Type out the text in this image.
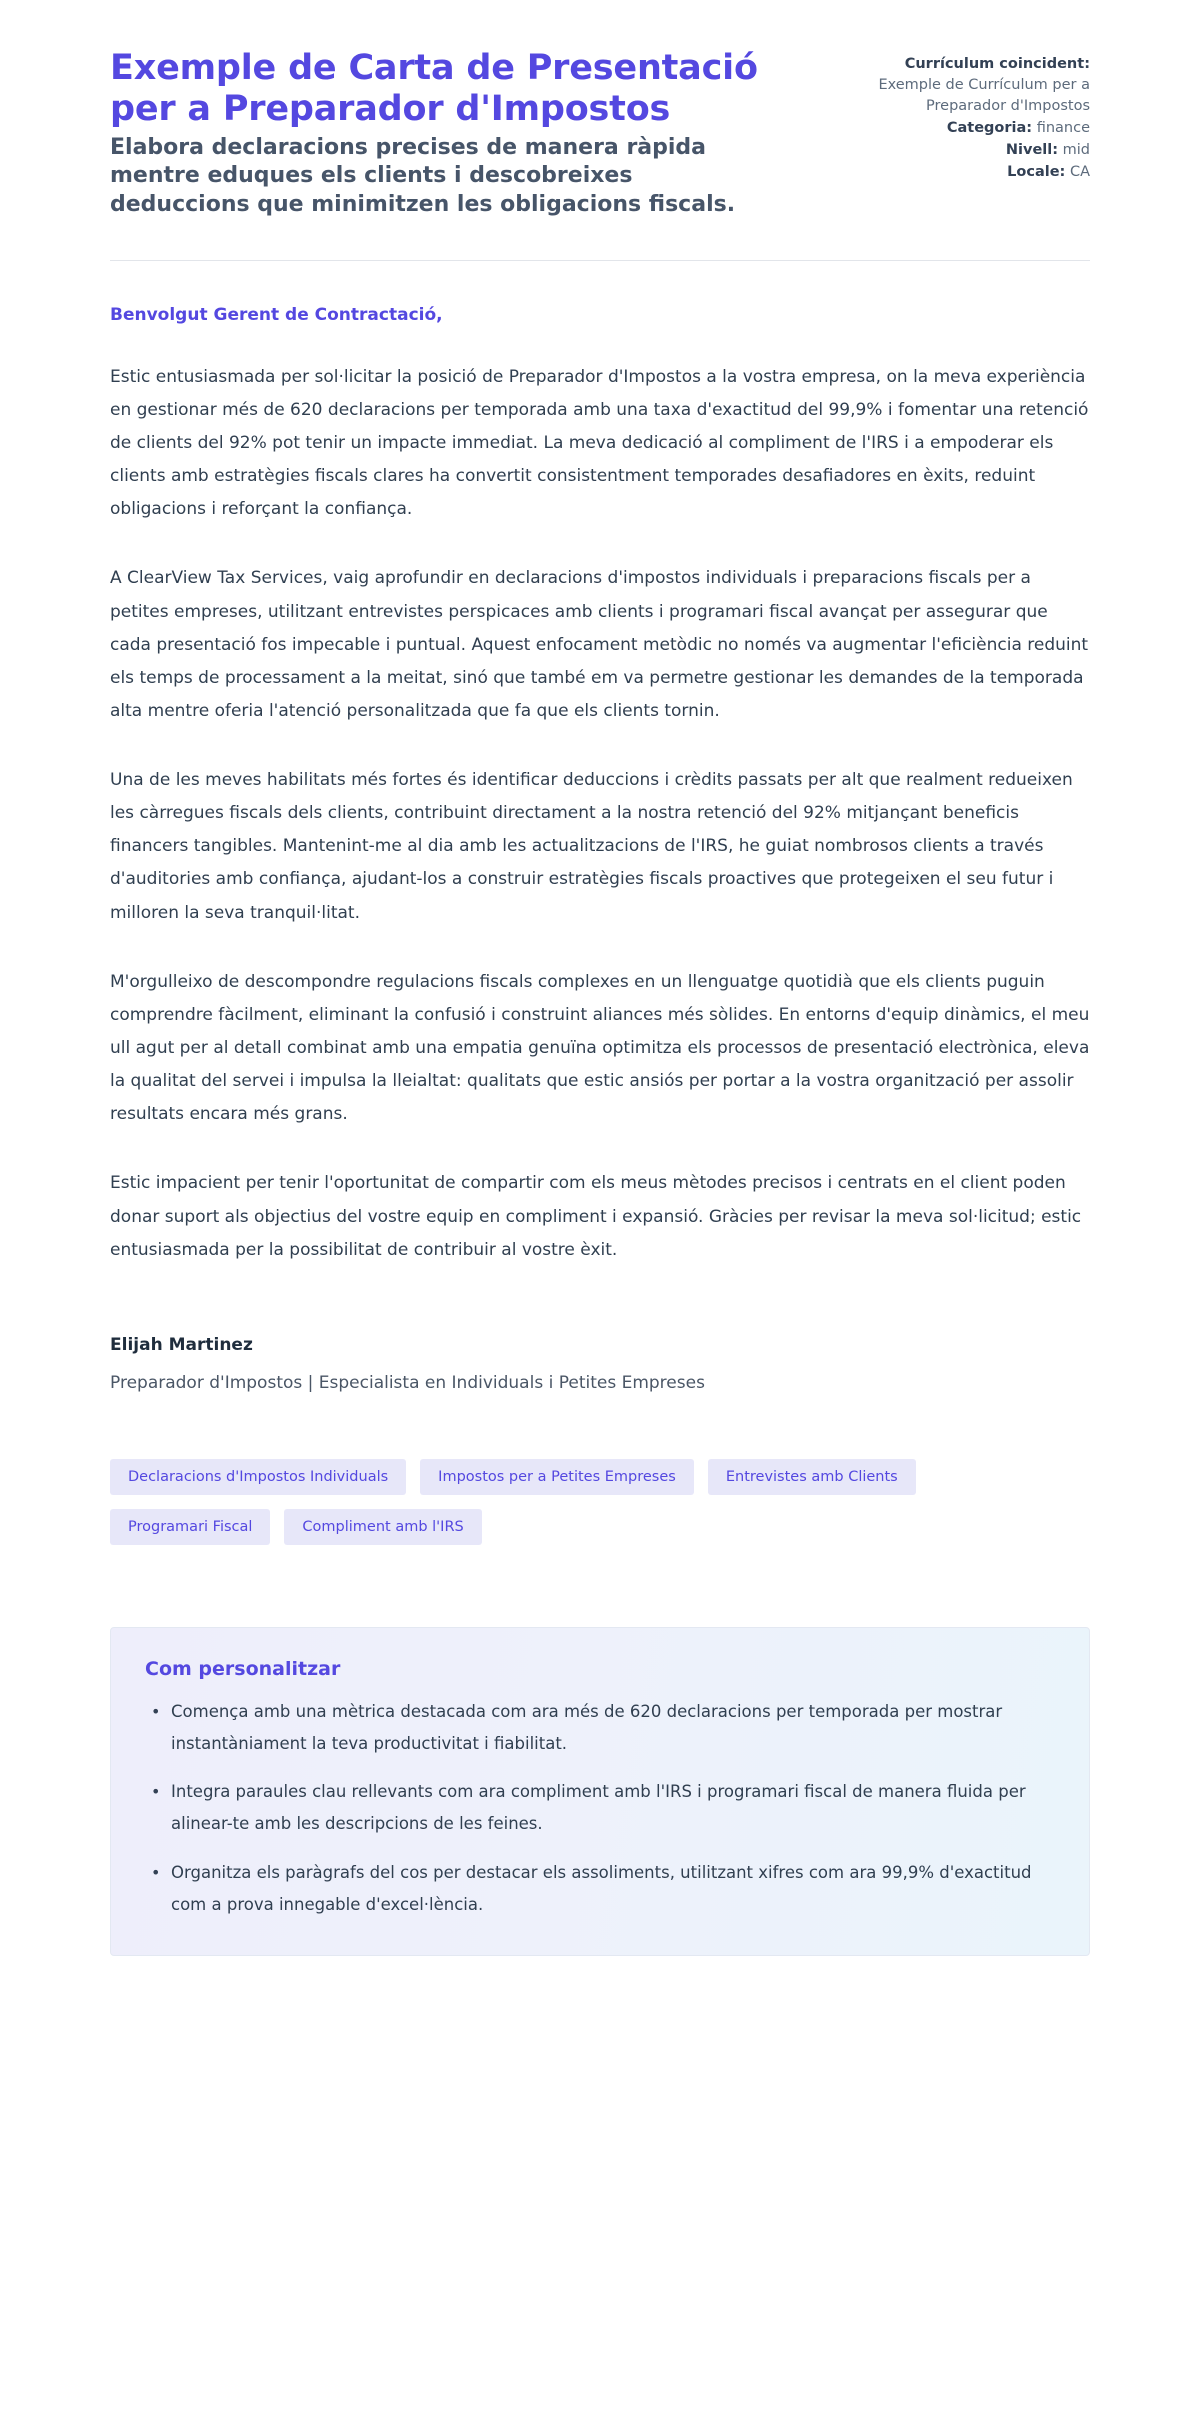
Exemple de Carta de Presentació per a Preparador d'Impostos

Elabora declaracions precises de manera ràpida mentre eduques els clients i descobreixes deduccions que minimitzen les obligacions fiscals.

Currículum coincident:
Exemple de Currículum per a Preparador d'Impostos
Categoria: finance
Nivell: mid
Locale: CA

Benvolgut Gerent de Contractació,

Estic entusiasmada per sol·licitar la posició de Preparador d'Impostos a la vostra empresa, on la meva experiència en gestionar més de 620 declaracions per temporada amb una taxa d'exactitud del 99,9% i fomentar una retenció de clients del 92% pot tenir un impacte immediat. La meva dedicació al compliment de l'IRS i a empoderar els clients amb estratègies fiscals clares ha convertit consistentment temporades desafiadores en èxits, reduint obligacions i reforçant la confiança.

A ClearView Tax Services, vaig aprofundir en declaracions d'impostos individuals i preparacions fiscals per a petites empreses, utilitzant entrevistes perspicaces amb clients i programari fiscal avançat per assegurar que cada presentació fos impecable i puntual. Aquest enfocament metòdic no només va augmentar l'eficiència reduint els temps de processament a la meitat, sinó que també em va permetre gestionar les demandes de la temporada alta mentre oferia l'atenció personalitzada que fa que els clients tornin.

Una de les meves habilitats més fortes és identificar deduccions i crèdits passats per alt que realment redueixen les càrregues fiscals dels clients, contribuint directament a la nostra retenció del 92% mitjançant beneficis financers tangibles. Mantenint-me al dia amb les actualitzacions de l'IRS, he guiat nombrosos clients a través d'auditories amb confiança, ajudant-los a construir estratègies fiscals proactives que protegeixen el seu futur i milloren la seva tranquil·litat.

M'orgulleixo de descompondre regulacions fiscals complexes en un llenguatge quotidià que els clients puguin comprendre fàcilment, eliminant la confusió i construint aliances més sòlides. En entorns d'equip dinàmics, el meu ull agut per al detall combinat amb una empatia genuïna optimitza els processos de presentació electrònica, eleva la qualitat del servei i impulsa la lleialtat: qualitats que estic ansiós per portar a la vostra organització per assolir resultats encara més grans.

Estic impacient per tenir l'oportunitat de compartir com els meus mètodes precisos i centrats en el client poden donar suport als objectius del vostre equip en compliment i expansió. Gràcies per revisar la meva sol·licitud; estic entusiasmada per la possibilitat de contribuir al vostre èxit.

Elijah Martinez

Preparador d'Impostos | Especialista en Individuals i Petites Empreses

Declaracions d'Impostos Individuals	Impostos per a Petites Empreses	Entrevistes amb Clients
Programari Fiscal	Compliment amb l'IRS

Com personalitzar

• Comença amb una mètrica destacada com ara més de 620 declaracions per temporada per mostrar instantàniament la teva productivitat i fiabilitat.
• Integra paraules clau rellevants com ara compliment amb l'IRS i programari fiscal de manera fluida per alinear-te amb les descripcions de les feines.
• Organitza els paràgrafs del cos per destacar els assoliments, utilitzant xifres com ara 99,9% d'exactitud com a prova innegable d'excel·lència.
